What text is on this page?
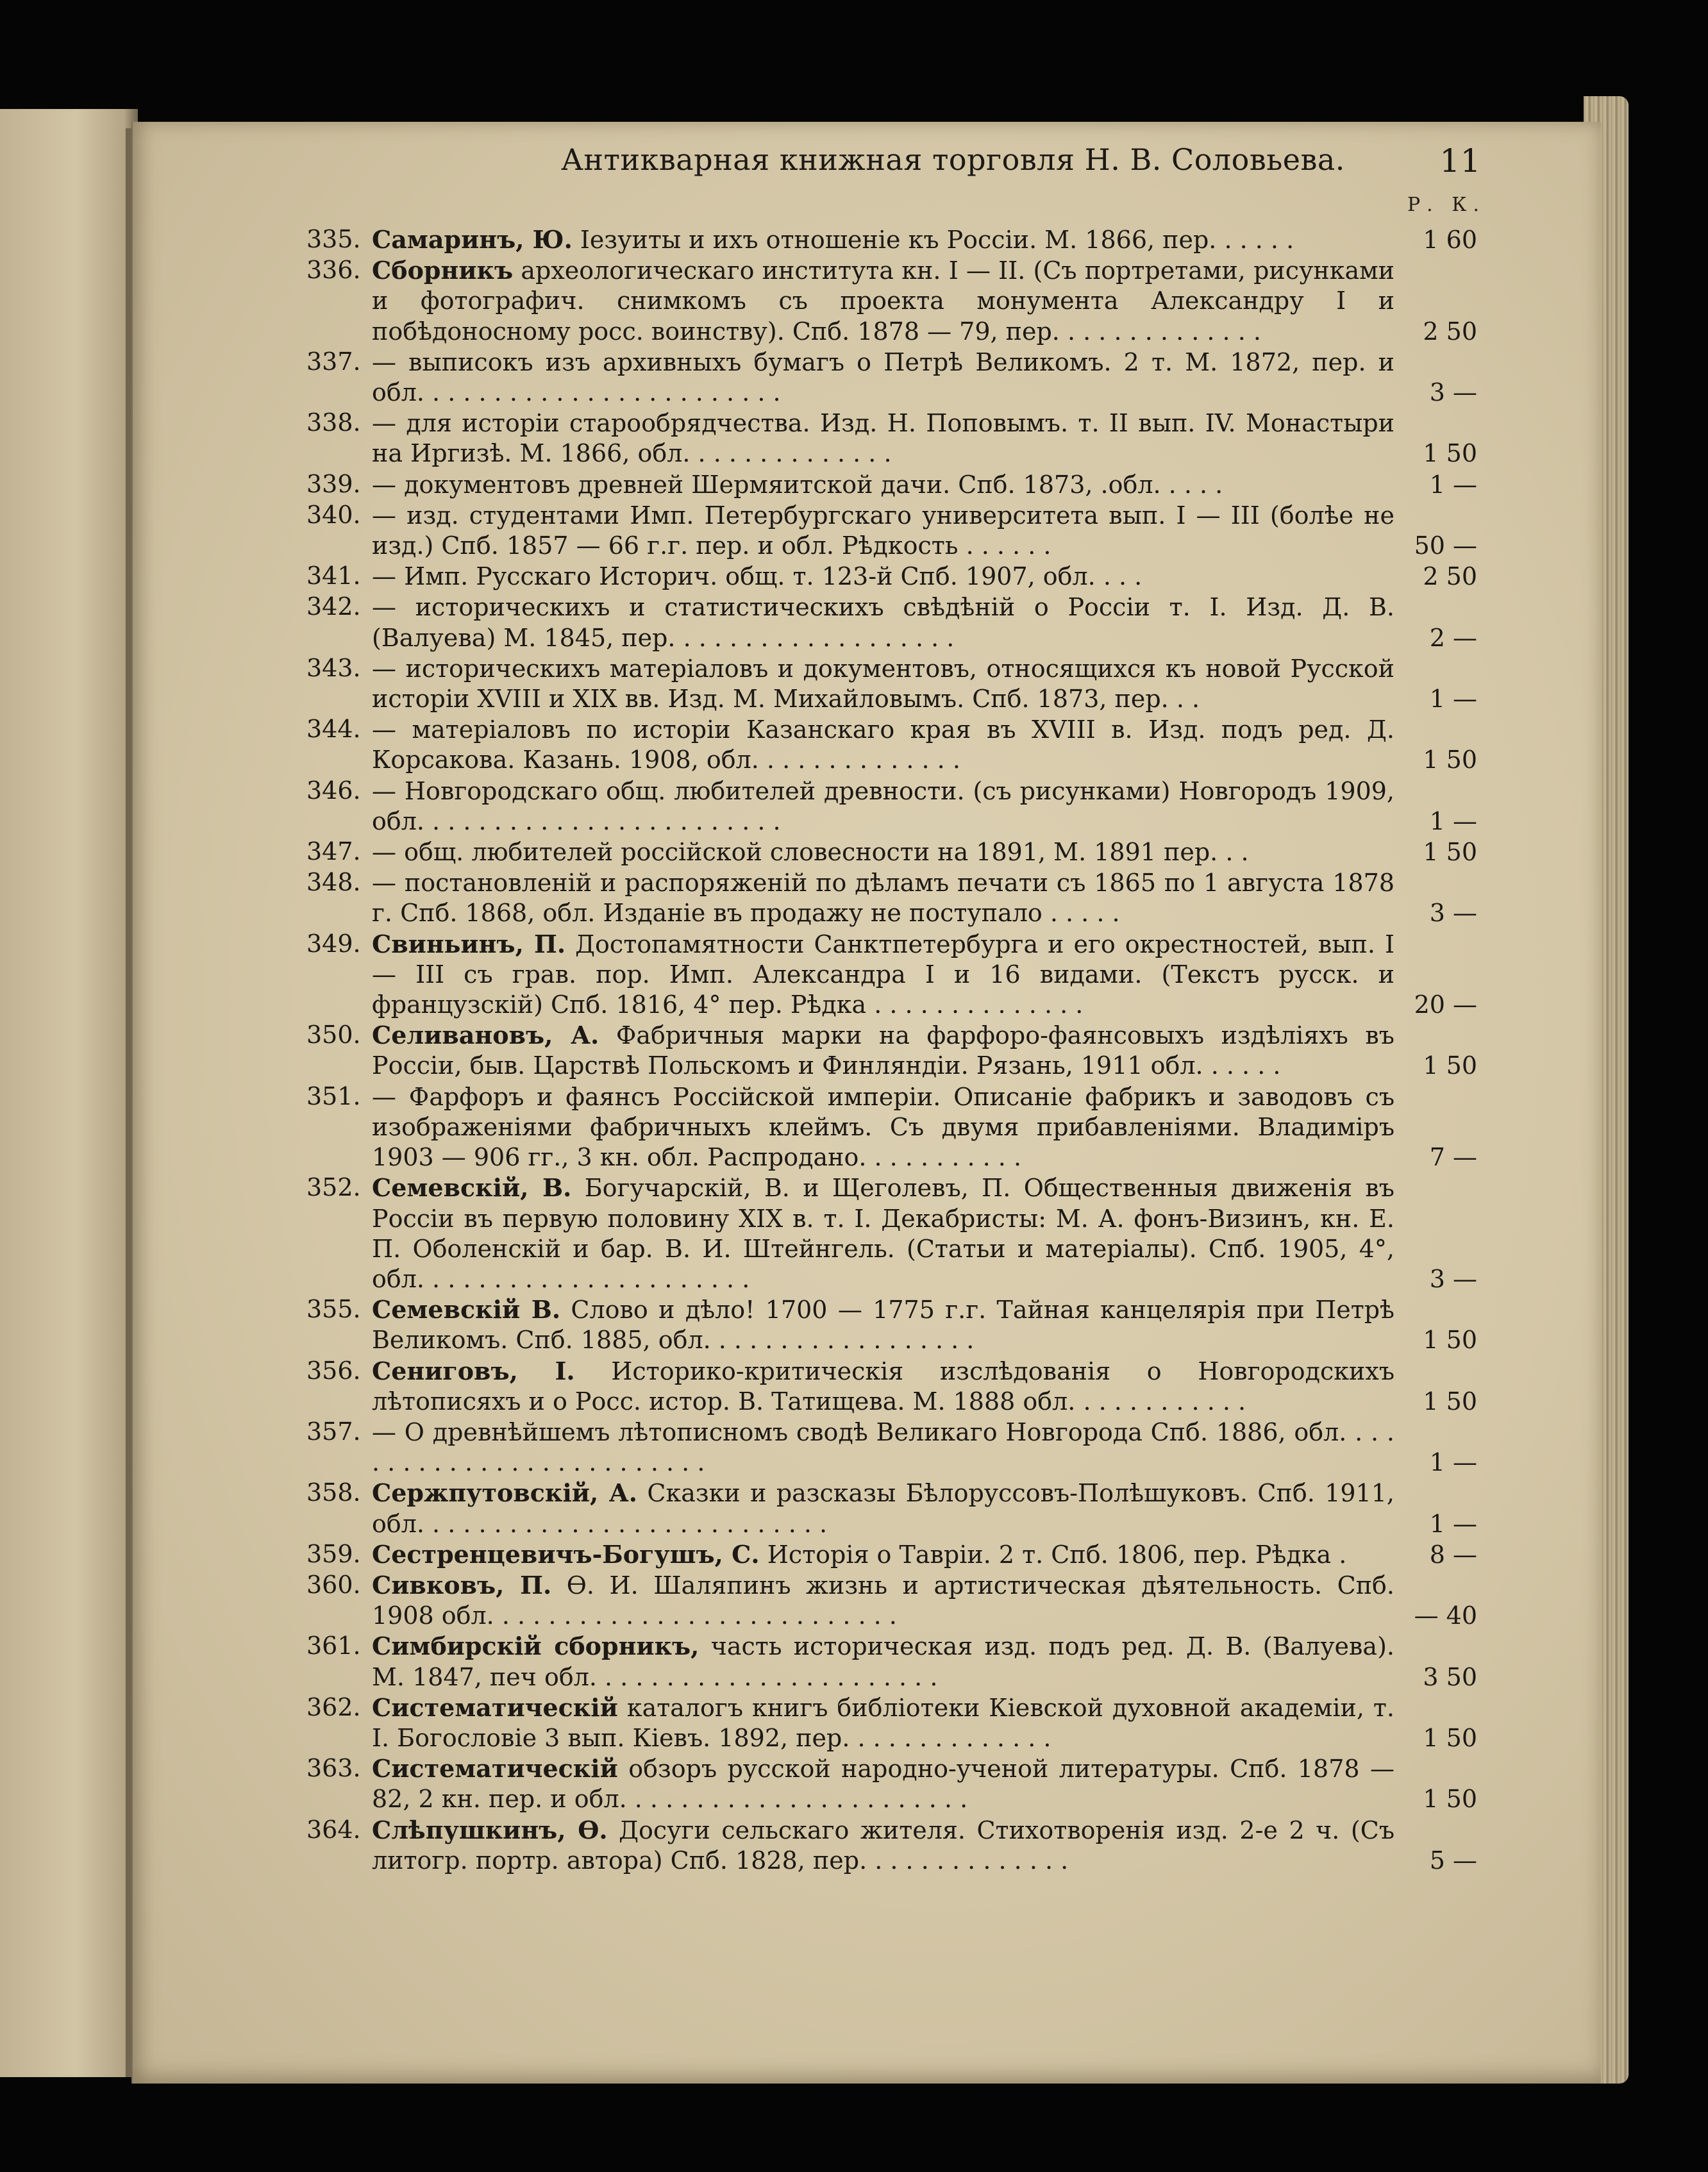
Антикварная книжная торговля Н. В. Соловьева.	11
Р. К.
335. Самаринъ, Ю. Iезуиты и ихъ отношенiе къ Россiи. М. 1866, пер. . . . . .	1 60
336. Сборникъ археологическаго института кн. I — II. (Съ портретами, рисунками и фотографич. снимкомъ съ проекта монумента Александру I и побѣдоносному росс. воинству). Спб. 1878 — 79, пер. . . . . . . . . . . . . .	2 50
337. — выписокъ изъ архивныхъ бумагъ о Петрѣ Великомъ. 2 т. М. 1872, пер. и обл. . . . . . . . . . . . . . . . . . . . . . . .	3 —
338. — для исторiи старообрядчества. Изд. Н. Поповымъ. т. II вып. IV. Монастыри на Иргизѣ. М. 1866, обл. . . . . . . . . . . . . .	1 50
339. — документовъ древней Шермяитской дачи. Спб. 1873, .обл. . . . .	1 —
340. — изд. студентами Имп. Петербургскаго университета вып. I — III (болѣе не изд.) Спб. 1857 — 66 г.г. пер. и обл. Рѣдкость . . . . . .	50 —
341. — Имп. Русскаго Историч. общ. т. 123-й Спб. 1907, обл. . . .	2 50
342. — историческихъ и статистическихъ свѣдѣнiй о Россiи т. I. Изд. Д. В. (Валуева) М. 1845, пер. . . . . . . . . . . . . . . . . . .	2 —
343. — историческихъ матерiаловъ и документовъ, относящихся къ новой Русской исторiи XVIII и XIX вв. Изд. М. Михайловымъ. Спб. 1873, пер. . .	1 —
344. — матерiаловъ по исторiи Казанскаго края въ XVIII в. Изд. подъ ред. Д. Корсакова. Казань. 1908, обл. . . . . . . . . . . . . .	1 50
346. — Новгородскаго общ. любителей древности. (съ рисунками) Новгородъ 1909, обл. . . . . . . . . . . . . . . . . . . . . . . .	1 —
347. — общ. любителей россiйской словесности на 1891, М. 1891 пер. . .	1 50
348. — постановленiй и распоряженiй по дѣламъ печати съ 1865 по 1 августа 1878 г. Спб. 1868, обл. Изданiе въ продажу не поступало . . . . .	3 —
349. Свиньинъ, П. Достопамятности Санктпетербурга и его окрестностей, вып. I — III съ грав. пор. Имп. Александра I и 16 видами. (Текстъ русск. и французскiй) Спб. 1816, 4° пер. Рѣдка . . . . . . . . . . . . . .	20 —
350. Селивановъ, А. Фабричныя марки на фарфоро-фаянсовыхъ издѣлiяхъ въ Россiи, быв. Царствѣ Польскомъ и Финляндiи. Рязань, 1911 обл. . . . . .	1 50
351. — Фарфоръ и фаянсъ Россiйской имперiи. Описанiе фабрикъ и заводовъ съ изображенiями фабричныхъ клеймъ. Съ двумя прибавленiями. Владимiръ 1903 — 906 гг., 3 кн. обл. Распродано. . . . . . . . . . .	7 —
352. Семевскiй, В. Богучарскiй, В. и Щеголевъ, П. Общественныя движенiя въ Россiи въ первую половину XIX в. т. I. Декабристы: М. А. фонъ-Визинъ, кн. Е. П. Оболенскiй и бар. В. И. Штейнгель. (Статьи и матерiалы). Спб. 1905, 4°, обл. . . . . . . . . . . . . . . . . . . . . .	3 —
355. Семевскiй В. Слово и дѣло! 1700 — 1775 г.г. Тайная канцелярiя при Петрѣ Великомъ. Спб. 1885, обл. . . . . . . . . . . . . . . . . .	1 50
356. Сениговъ, I. Историко-критическiя изслѣдованiя о Новгородскихъ лѣтописяхъ и о Росс. истор. В. Татищева. М. 1888 обл. . . . . . . . . . . .	1 50
357. — О древнѣйшемъ лѣтописномъ сводѣ Великаго Новгорода Спб. 1886, обл. . . . . . . . . . . . . . . . . . . . . . . . . .	1 —
358. Сержпутовскiй, А. Сказки и разсказы Бѣлоруссовъ-Полѣшуковъ. Спб. 1911, обл. . . . . . . . . . . . . . . . . . . . . . . . . . .	1 —
359. Сестренцевичъ-Богушъ, С. Исторiя о Таврiи. 2 т. Спб. 1806, пер. Рѣдка .	8 —
360. Сивковъ, П. Ѳ. И. Шаляпинъ жизнь и артистическая дѣятельность. Спб. 1908 обл. . . . . . . . . . . . . . . . . . . . . . . . . . .	— 40
361. Симбирскiй сборникъ, часть историческая изд. подъ ред. Д. В. (Валуева). М. 1847, печ обл. . . . . . . . . . . . . . . . . . . . . . .	3 50
362. Систематическiй каталогъ книгъ библiотеки Кiевской духовной академiи, т. I. Богословiе 3 вып. Кiевъ. 1892, пер. . . . . . . . . . . . . .	1 50
363. Систематическiй обзоръ русской народно-ученой литературы. Спб. 1878 — 82, 2 кн. пер. и обл. . . . . . . . . . . . . . . . . . . . . . .	1 50
364. Слѣпушкинъ, Ѳ. Досуги сельскаго жителя. Стихотворенiя изд. 2-е 2 ч. (Съ литогр. портр. автора) Спб. 1828, пер. . . . . . . . . . . . . .	5 —
